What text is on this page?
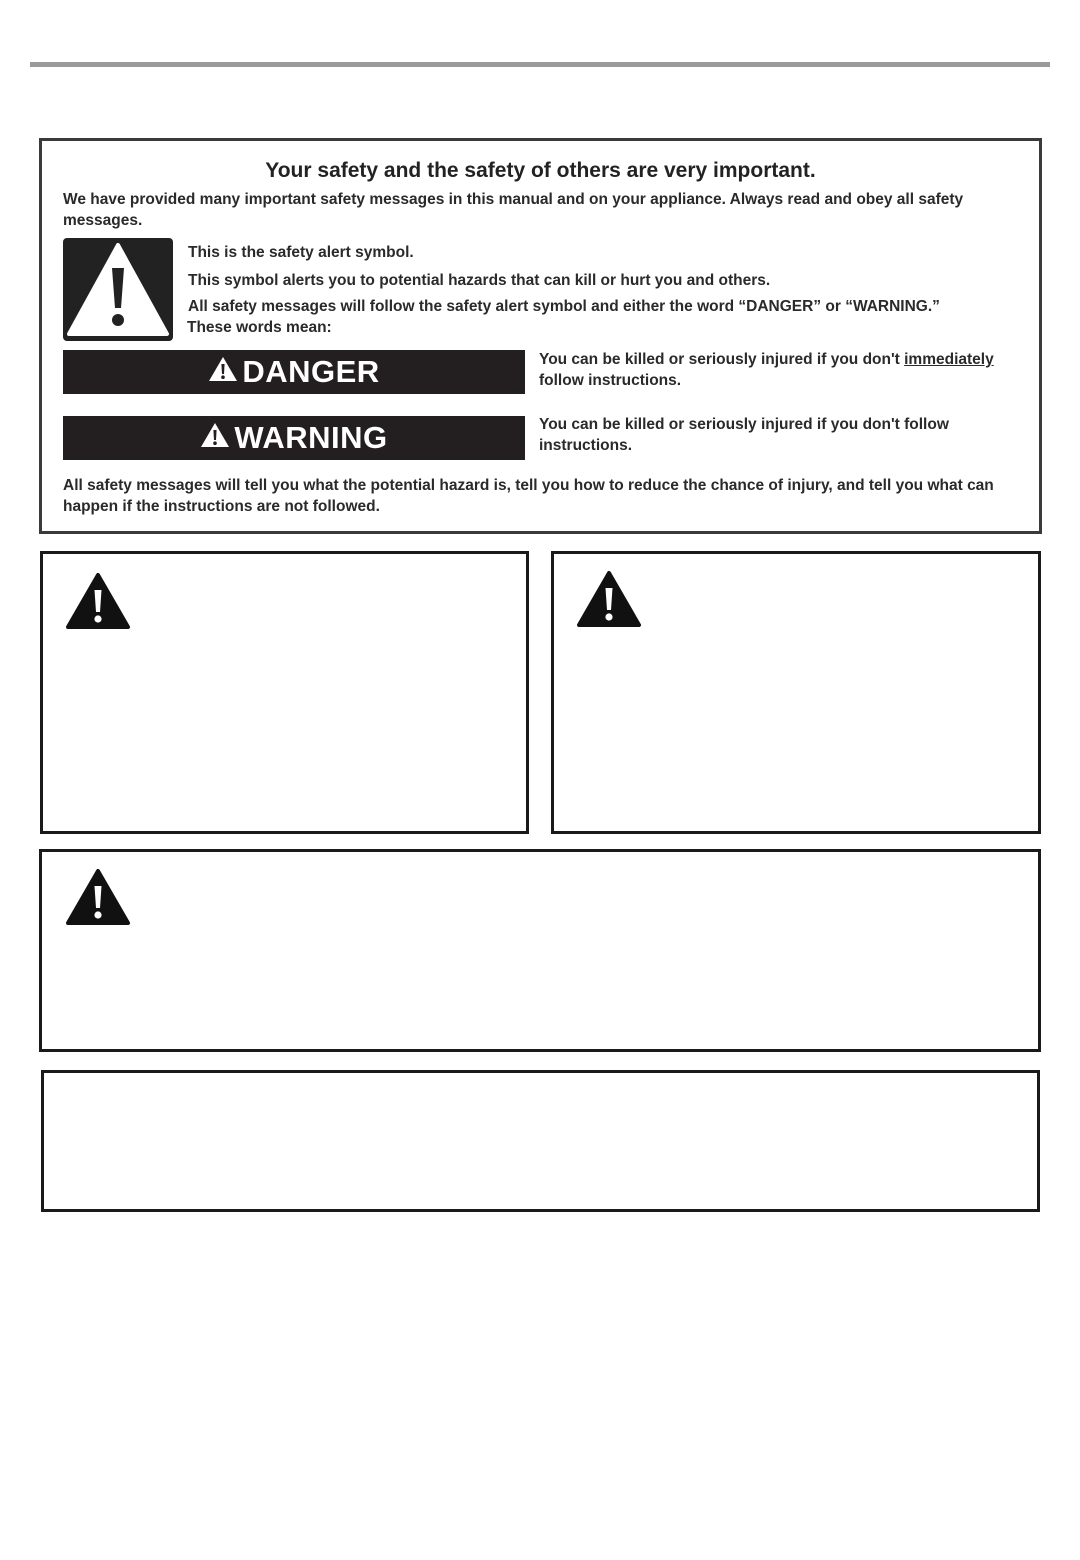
Your safety and the safety of others are very important.
We have provided many important safety messages in this manual and on your appliance. Always read and obey all safety messages.
This is the safety alert symbol.
This symbol alerts you to potential hazards that can kill or hurt you and others.
All safety messages will follow the safety alert symbol and either the word “DANGER” or “WARNING.”
These words mean:
DANGER	You can be killed or seriously injured if you don't immediately
follow instructions.
WARNING	You can be killed or seriously injured if you don't follow instructions.
All safety messages will tell you what the potential hazard is, tell you how to reduce the chance of injury, and tell you what can happen if the instructions are not followed.
